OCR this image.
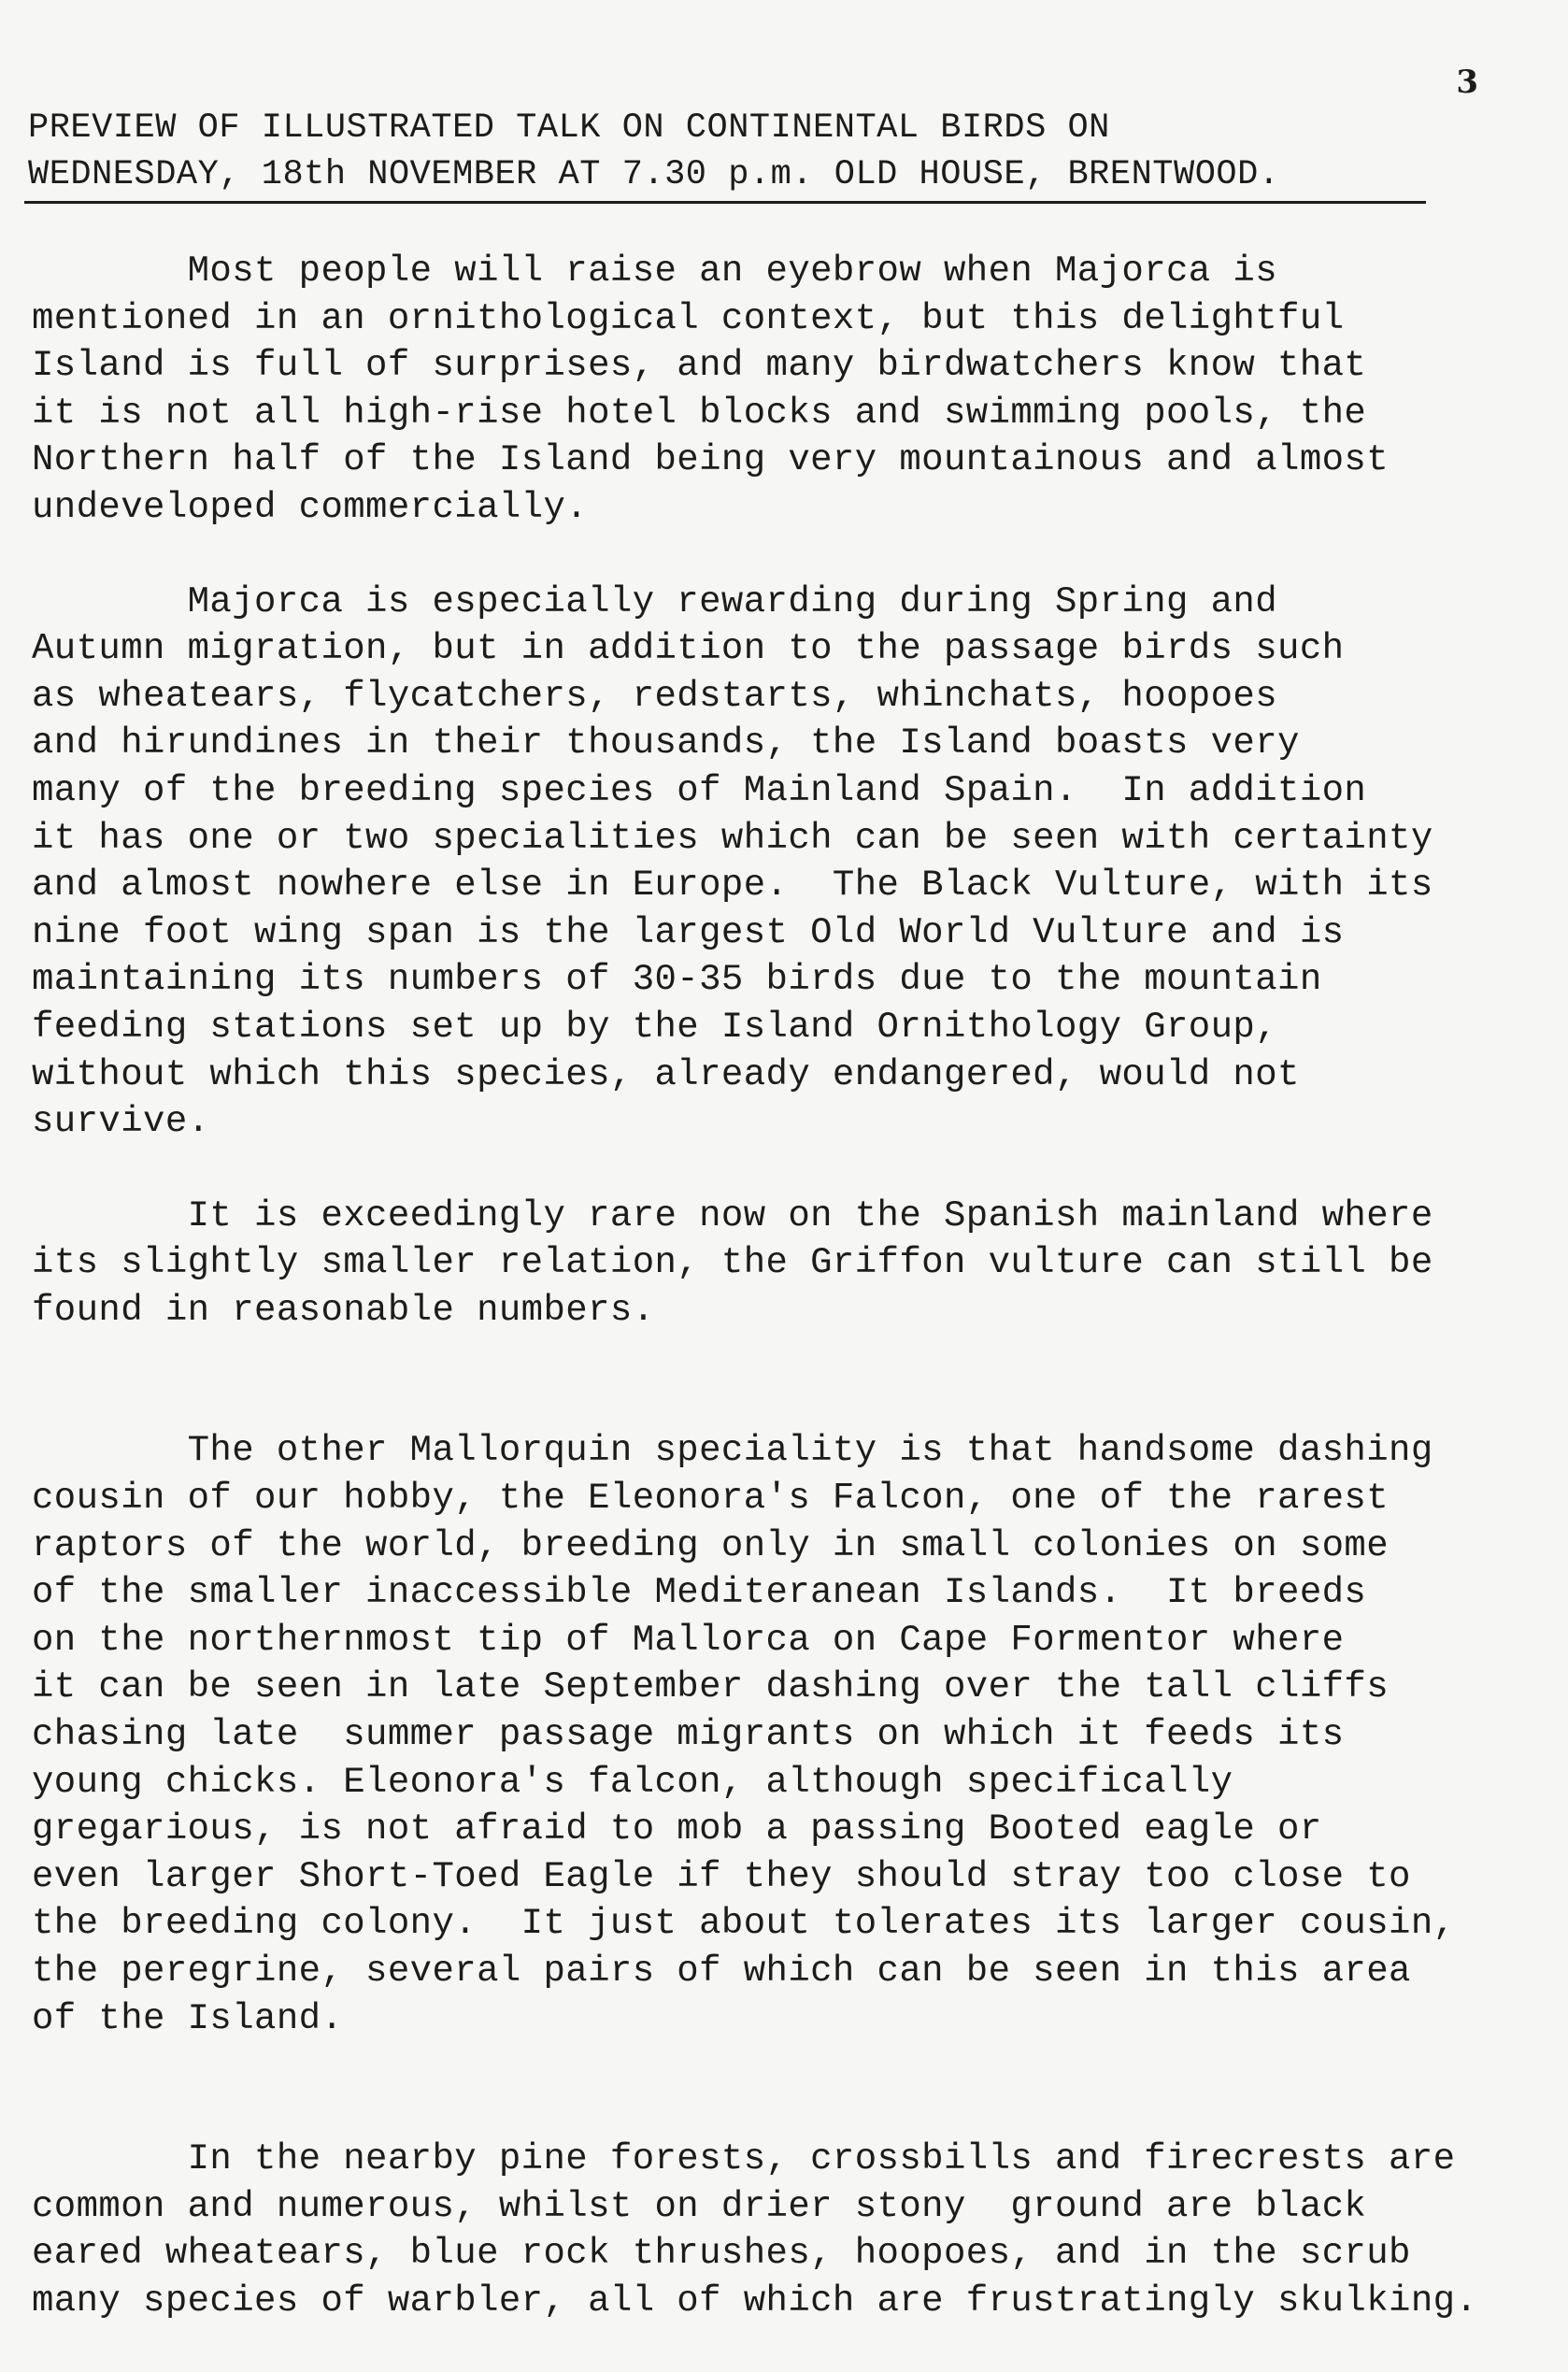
3
PREVIEW OF ILLUSTRATED TALK ON CONTINENTAL BIRDS ON
WEDNESDAY, 18th NOVEMBER AT 7.30 p.m. OLD HOUSE, BRENTWOOD.
Most people will raise an eyebrow when Majorca is
mentioned in an ornithological context, but this delightful
Island is full of surprises, and many birdwatchers know that
it is not all high-rise hotel blocks and swimming pools, the
Northern half of the Island being very mountainous and almost
undeveloped commercially.
Majorca is especially rewarding during Spring and
Autumn migration, but in addition to the passage birds such
as wheatears, flycatchers, redstarts, whinchats, hoopoes
and hirundines in their thousands, the Island boasts very
many of the breeding species of Mainland Spain.  In addition
it has one or two specialities which can be seen with certainty
and almost nowhere else in Europe.  The Black Vulture, with its
nine foot wing span is the largest Old World Vulture and is
maintaining its numbers of 30-35 birds due to the mountain
feeding stations set up by the Island Ornithology Group,
without which this species, already endangered, would not
survive.
It is exceedingly rare now on the Spanish mainland where
its slightly smaller relation, the Griffon vulture can still be
found in reasonable numbers.
The other Mallorquin speciality is that handsome dashing
cousin of our hobby, the Eleonora's Falcon, one of the rarest
raptors of the world, breeding only in small colonies on some
of the smaller inaccessible Mediteranean Islands.  It breeds
on the northernmost tip of Mallorca on Cape Formentor where
it can be seen in late September dashing over the tall cliffs
chasing late  summer passage migrants on which it feeds its
young chicks. Eleonora's falcon, although specifically
gregarious, is not afraid to mob a passing Booted eagle or
even larger Short-Toed Eagle if they should stray too close to
the breeding colony.  It just about tolerates its larger cousin,
the peregrine, several pairs of which can be seen in this area
of the Island.
In the nearby pine forests, crossbills and firecrests are
common and numerous, whilst on drier stony  ground are black
eared wheatears, blue rock thrushes, hoopoes, and in the scrub
many species of warbler, all of which are frustratingly skulking.
